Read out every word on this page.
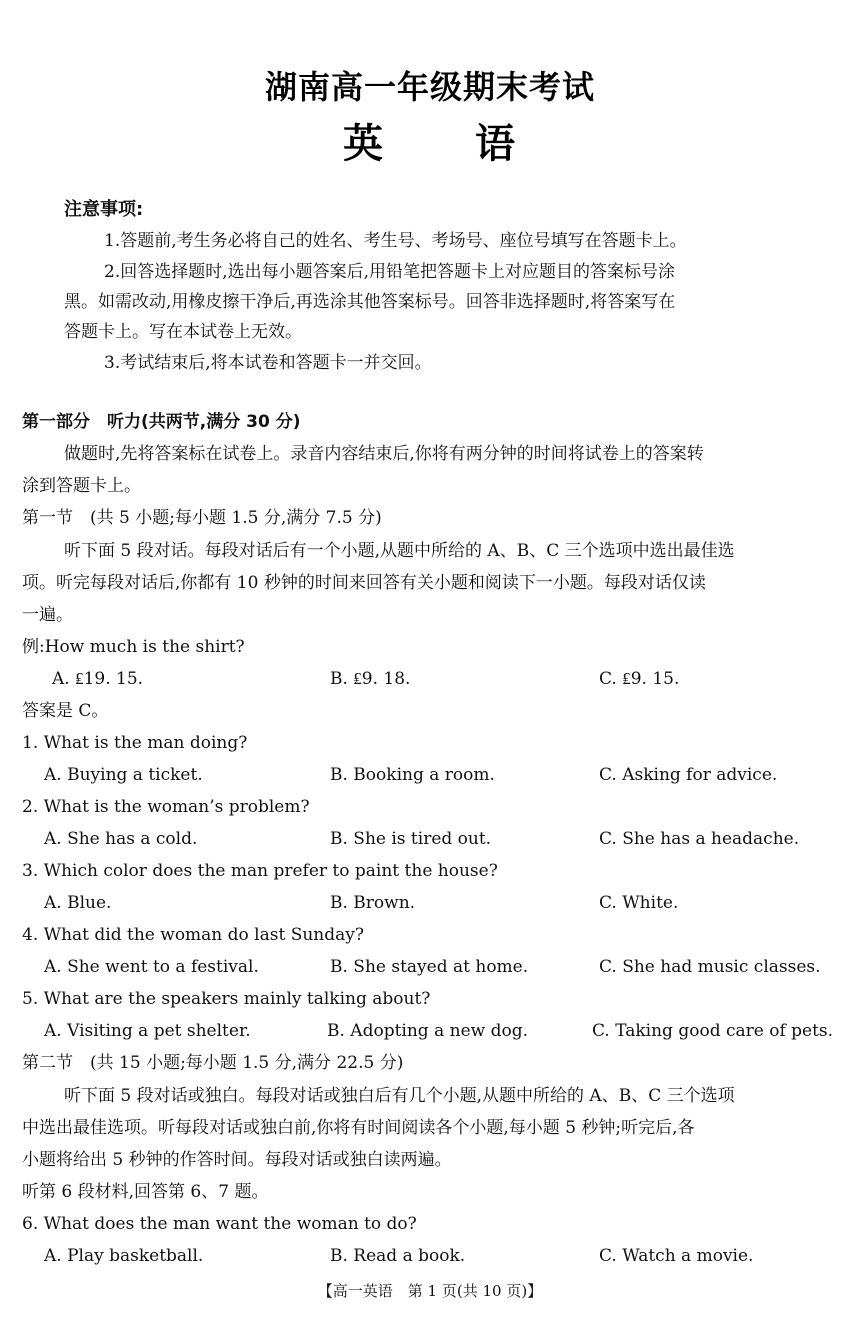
湖南高一年级期末考试
英 语
注意事项:
1.答题前,考生务必将自己的姓名、考生号、考场号、座位号填写在答题卡上。
2.回答选择题时,选出每小题答案后,用铅笔把答题卡上对应题目的答案标号涂
黑。如需改动,用橡皮擦干净后,再选涂其他答案标号。回答非选择题时,将答案写在
答题卡上。写在本试卷上无效。
3.考试结束后,将本试卷和答题卡一并交回。
第一部分　听力(共两节,满分 30 分)
做题时,先将答案标在试卷上。录音内容结束后,你将有两分钟的时间将试卷上的答案转
涂到答题卡上。
第一节　(共 5 小题;每小题 1.5 分,满分 7.5 分)
听下面 5 段对话。每段对话后有一个小题,从题中所给的 A、B、C 三个选项中选出最佳选
项。听完每段对话后,你都有 10 秒钟的时间来回答有关小题和阅读下一小题。每段对话仅读
一遍。
例:How much is the shirt?
A. ₤19. 15.	B. ₤9. 18.	C. ₤9. 15.
答案是 C。
1. What is the man doing?
A. Buying a ticket.	B. Booking a room.	C. Asking for advice.
2. What is the woman’s problem?
A. She has a cold.	B. She is tired out.	C. She has a headache.
3. Which color does the man prefer to paint the house?
A. Blue.	B. Brown.	C. White.
4. What did the woman do last Sunday?
A. She went to a festival.	B. She stayed at home.	C. She had music classes.
5. What are the speakers mainly talking about?
A. Visiting a pet shelter.	B. Adopting a new dog.	C. Taking good care of pets.
第二节　(共 15 小题;每小题 1.5 分,满分 22.5 分)
听下面 5 段对话或独白。每段对话或独白后有几个小题,从题中所给的 A、B、C 三个选项
中选出最佳选项。听每段对话或独白前,你将有时间阅读各个小题,每小题 5 秒钟;听完后,各
小题将给出 5 秒钟的作答时间。每段对话或独白读两遍。
听第 6 段材料,回答第 6、7 题。
6. What does the man want the woman to do?
A. Play basketball.	B. Read a book.	C. Watch a movie.
【高一英语　第 1 页(共 10 页)】
